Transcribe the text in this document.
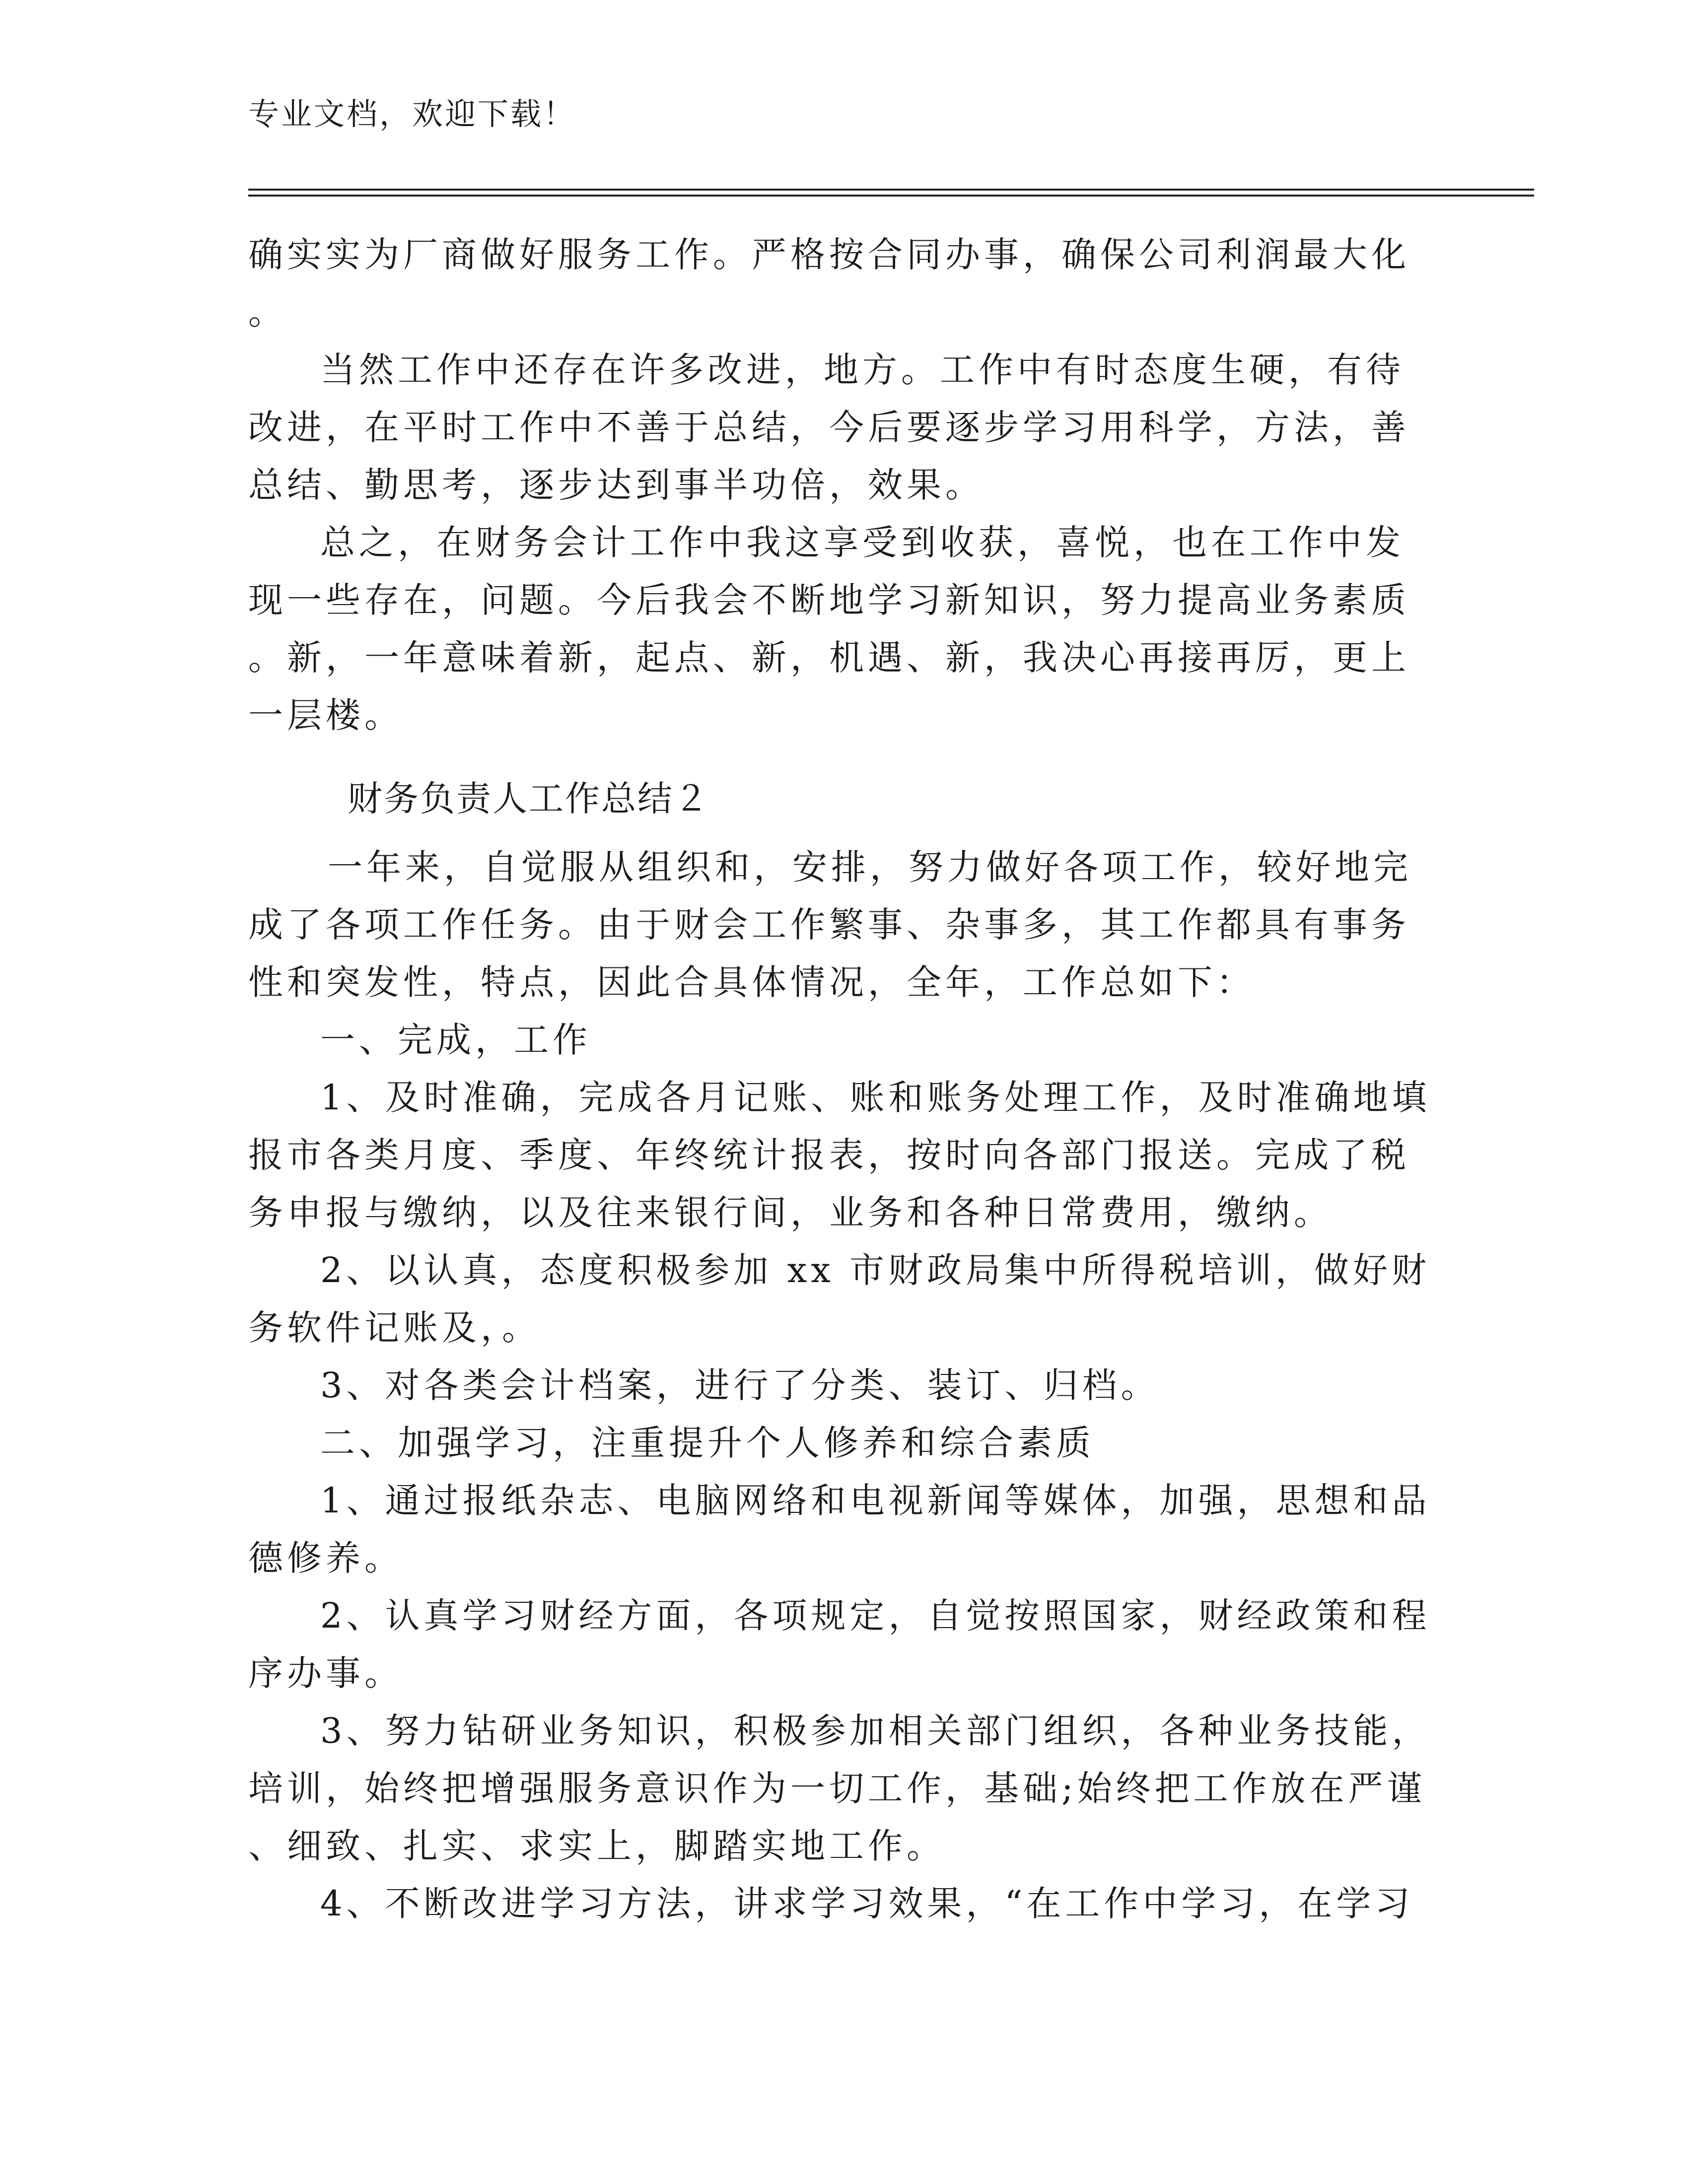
专业文档，欢迎下载！
确实实为厂商做好服务工作。严格按合同办事，确保公司利润最大化
。
当然工作中还存在许多改进，地方。工作中有时态度生硬，有待
改进，在平时工作中不善于总结，今后要逐步学习用科学，方法，善
总结、勤思考，逐步达到事半功倍，效果。
总之，在财务会计工作中我这享受到收获，喜悦，也在工作中发
现一些存在，问题。今后我会不断地学习新知识，努力提高业务素质
。新，一年意味着新，起点、新，机遇、新，我决心再接再厉，更上
一层楼。
财务负责人工作总结２
一年来，自觉服从组织和，安排，努力做好各项工作，较好地完
成了各项工作任务。由于财会工作繁事、杂事多，其工作都具有事务
性和突发性，特点，因此合具体情况，全年，工作总如下：
一、完成，工作
1、及时准确，完成各月记账、账和账务处理工作，及时准确地填
报市各类月度、季度、年终统计报表，按时向各部门报送。完成了税
务申报与缴纳，以及往来银行间，业务和各种日常费用，缴纳。
2、以认真，态度积极参加 xx 市财政局集中所得税培训，做好财
务软件记账及，。
3、对各类会计档案，进行了分类、装订、归档。
二、加强学习，注重提升个人修养和综合素质
1、通过报纸杂志、电脑网络和电视新闻等媒体，加强，思想和品
德修养。
2、认真学习财经方面，各项规定，自觉按照国家，财经政策和程
序办事。
3、努力钻研业务知识，积极参加相关部门组织，各种业务技能，
培训，始终把增强服务意识作为一切工作，基础;始终把工作放在严谨
、细致、扎实、求实上，脚踏实地工作。
4、不断改进学习方法，讲求学习效果，“在工作中学习，在学习
